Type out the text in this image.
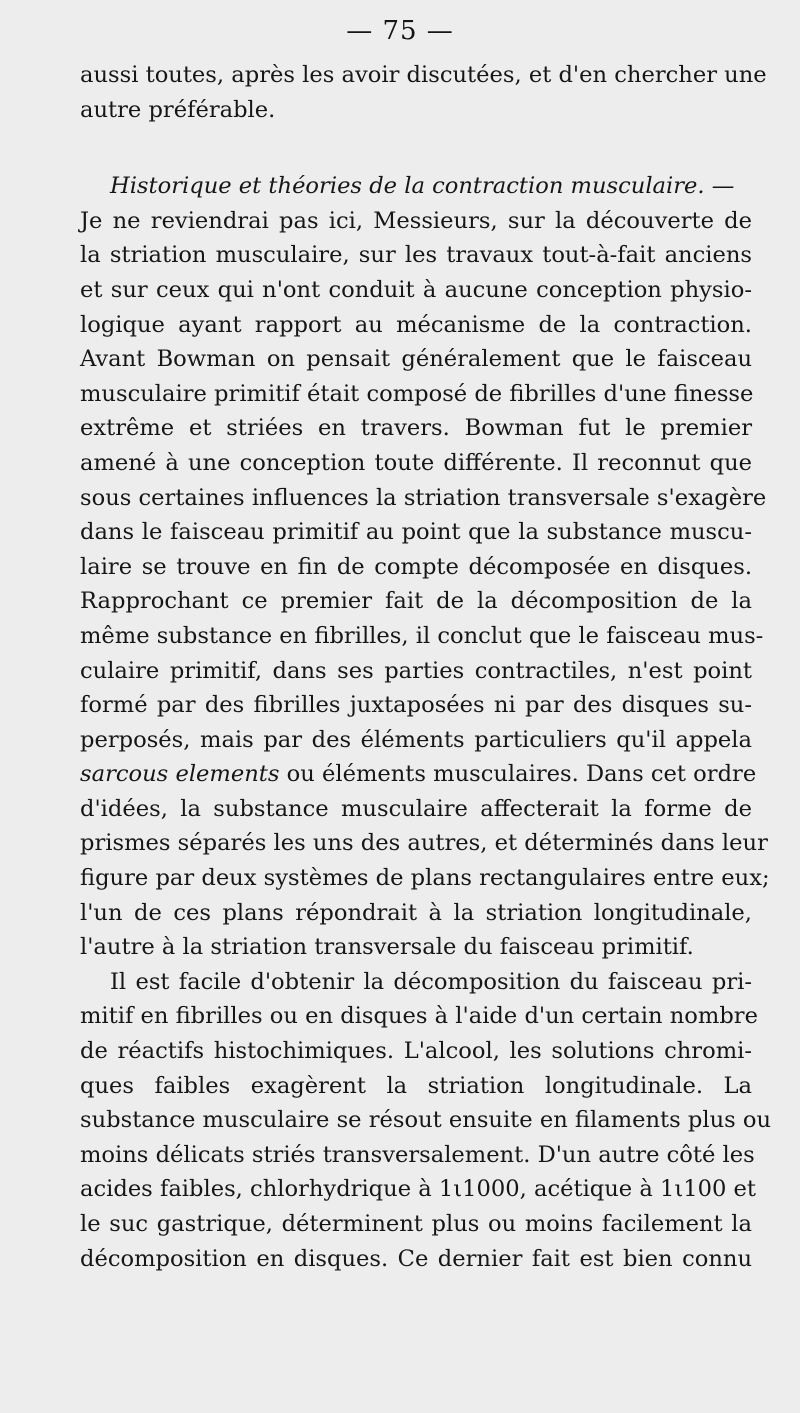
— 75 —
aussi toutes, après les avoir discutées, et d'en chercher une
autre préférable.
Historique et théories de la contraction musculaire. —
Je ne reviendrai pas ici, Messieurs, sur la découverte de
la striation musculaire, sur les travaux tout-à-fait anciens
et sur ceux qui n'ont conduit à aucune conception physio-
logique ayant rapport au mécanisme de la contraction.
Avant Bowman on pensait généralement que le faisceau
musculaire primitif était composé de fibrilles d'une finesse
extrême et striées en travers. Bowman fut le premier
amené à une conception toute différente. Il reconnut que
sous certaines influences la striation transversale s'exagère
dans le faisceau primitif au point que la substance muscu-
laire se trouve en fin de compte décomposée en disques.
Rapprochant ce premier fait de la décomposition de la
même substance en fibrilles, il conclut que le faisceau mus-
culaire primitif, dans ses parties contractiles, n'est point
formé par des fibrilles juxtaposées ni par des disques su-
perposés, mais par des éléments particuliers qu'il appela
sarcous elements ou éléments musculaires. Dans cet ordre
d'idées, la substance musculaire affecterait la forme de
prismes séparés les uns des autres, et déterminés dans leur
figure par deux systèmes de plans rectangulaires entre eux;
l'un de ces plans répondrait à la striation longitudinale,
l'autre à la striation transversale du faisceau primitif.
Il est facile d'obtenir la décomposition du faisceau pri-
mitif en fibrilles ou en disques à l'aide d'un certain nombre
de réactifs histochimiques. L'alcool, les solutions chromi-
ques faibles exagèrent la striation longitudinale. La
substance musculaire se résout ensuite en filaments plus ou
moins délicats striés transversalement. D'un autre côté les
acides faibles, chlorhydrique à 1ι1000, acétique à 1ι100 et
le suc gastrique, déterminent plus ou moins facilement la
décomposition en disques. Ce dernier fait est bien connu
